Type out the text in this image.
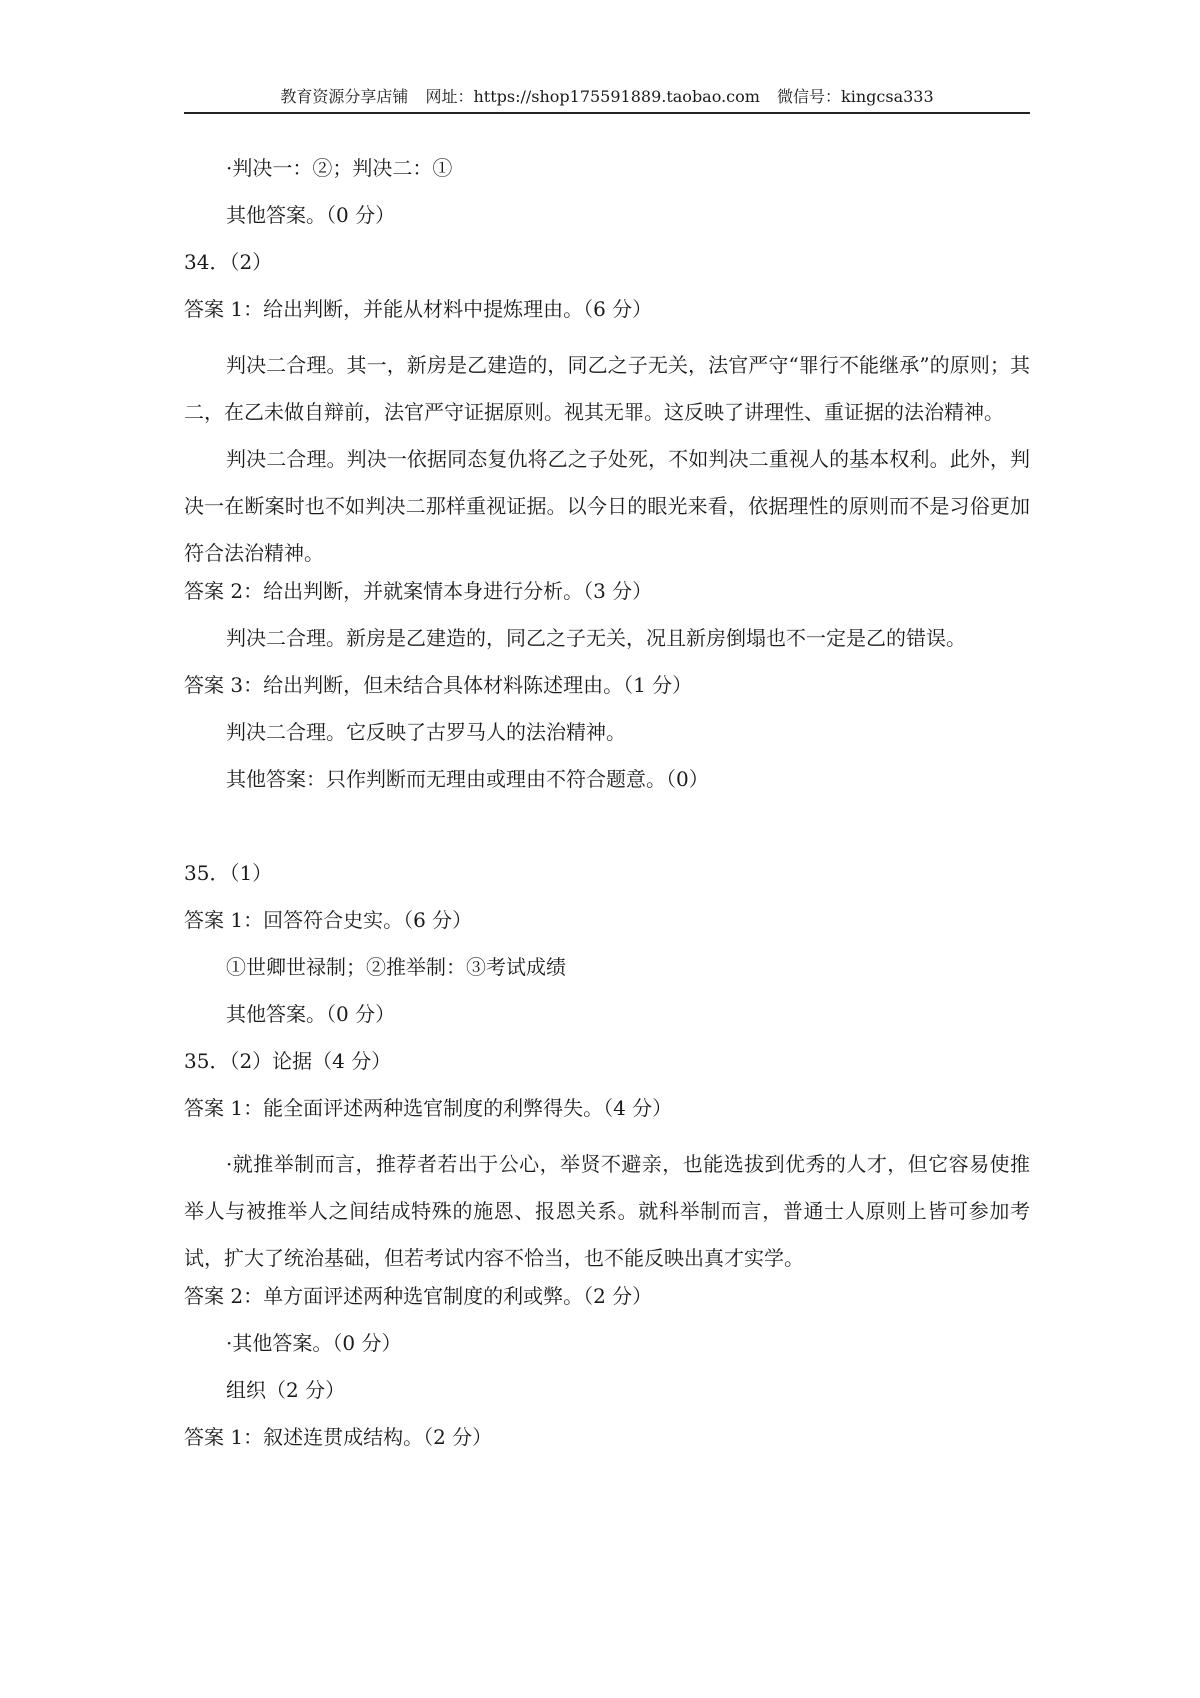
教育资源分享店铺 网址：https://shop175591889.taobao.com 微信号：kingcsa333
·判决一：②；判决二：①
其他答案。（0 分）
34．（2）
答案 1：给出判断，并能从材料中提炼理由。（6 分）
判决二合理。其一，新房是乙建造的，同乙之子无关，法官严守“罪行不能继承”的原则；其二，在乙未做自辩前，法官严守证据原则。视其无罪。这反映了讲理性、重证据的法治精神。
判决二合理。判决一依据同态复仇将乙之子处死，不如判决二重视人的基本权利。此外，判决一在断案时也不如判决二那样重视证据。以今日的眼光来看，依据理性的原则而不是习俗更加符合法治精神。
答案 2：给出判断，并就案情本身进行分析。（3 分）
判决二合理。新房是乙建造的，同乙之子无关，况且新房倒塌也不一定是乙的错误。
答案 3：给出判断，但未结合具体材料陈述理由。（1 分）
判决二合理。它反映了古罗马人的法治精神。
其他答案：只作判断而无理由或理由不符合题意。（0）
35．（1）
答案 1：回答符合史实。（6 分）
①世卿世禄制；②推举制：③考试成绩
其他答案。（0 分）
35．（2）论据（4 分）
答案 1：能全面评述两种选官制度的利弊得失。（4 分）
·就推举制而言，推荐者若出于公心，举贤不避亲，也能选拔到优秀的人才，但它容易使推举人与被推举人之间结成特殊的施恩、报恩关系。就科举制而言，普通士人原则上皆可参加考试，扩大了统治基础，但若考试内容不恰当，也不能反映出真才实学。
答案 2：单方面评述两种选官制度的利或弊。（2 分）
·其他答案。（0 分）
组织（2 分）
答案 1：叙述连贯成结构。（2 分）
